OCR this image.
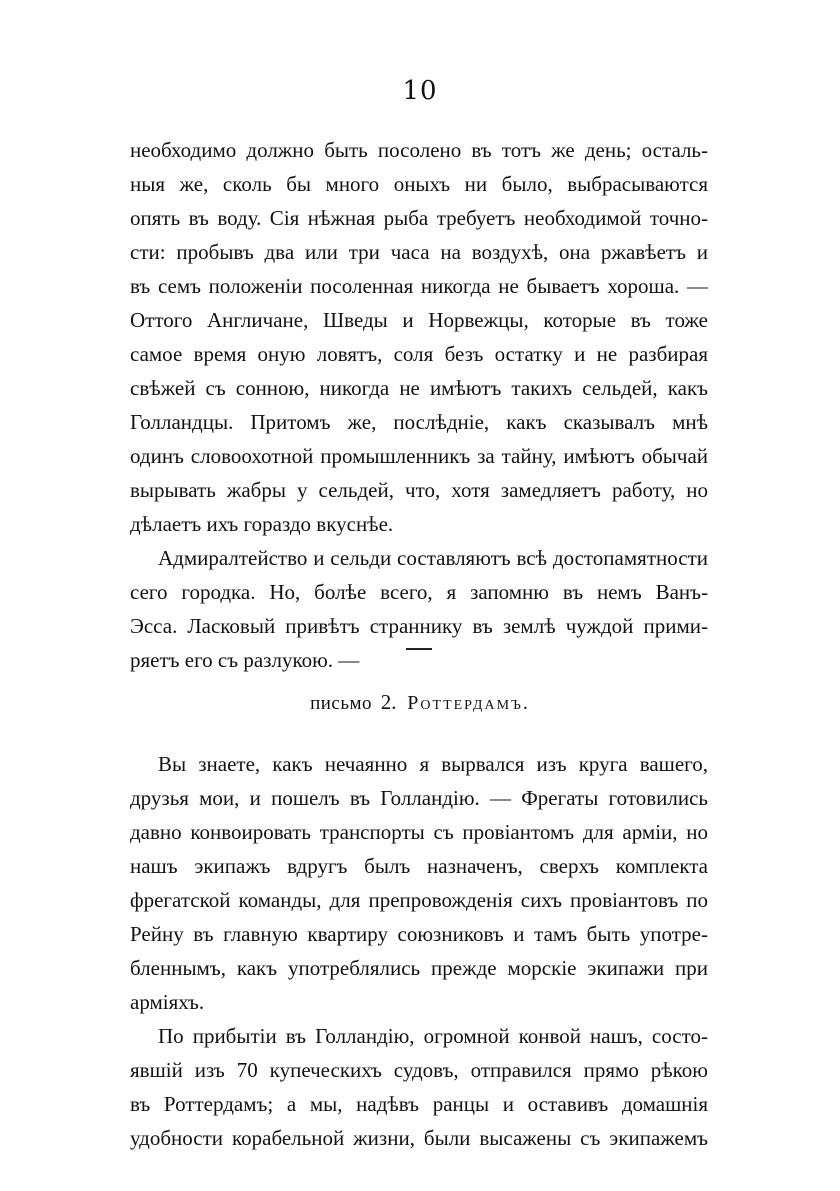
10
необходимо должно быть посолено въ тотъ же день; осталь-
ныя же, сколь бы много оныхъ ни было, выбрасываются
опять въ воду. Сія нѣжная рыба требуетъ необходимой точно-
сти: пробывъ два или три часа на воздухѣ, она ржавѣетъ и
въ семъ положеніи посоленная никогда не бываетъ хороша. —
Оттого Англичане, Шведы и Норвежцы, которые въ тоже
самое время оную ловятъ, соля безъ остатку и не разбирая
свѣжей съ сонною, никогда не имѣютъ такихъ сельдей, какъ
Голландцы. Притомъ же, послѣдніе, какъ сказывалъ мнѣ
одинъ словоохотной промышленникъ за тайну, имѣютъ обычай
вырывать жабры у сельдей, что, хотя замедляетъ работу, но
дѣлаетъ ихъ гораздо вкуснѣе.
Адмиралтейство и сельди составляютъ всѣ достопамятности
сего городка. Но, болѣе всего, я запомню въ немъ Ванъ-
Эсса. Ласковый привѣтъ страннику въ землѣ чуждой прими-
ряетъ его съ разлукою. —
письмо 2. Роттердамъ.
Вы знаете, какъ нечаянно я вырвался изъ круга вашего,
друзья мои, и пошелъ въ Голландію. — Фрегаты готовились
давно конвоировать транспорты съ провіантомъ для арміи, но
нашъ экипажъ вдругъ былъ назначенъ, сверхъ комплекта
фрегатской команды, для препровожденія сихъ провіантовъ по
Рейну въ главную квартиру союзниковъ и тамъ быть употре-
бленнымъ, какъ употреблялись прежде морскіе экипажи при
арміяхъ.
По прибытіи въ Голландію, огромной конвой нашъ, состо-
явшій изъ 70 купеческихъ судовъ, отправился прямо рѣкою
въ Роттердамъ; а мы, надѣвъ ранцы и оставивъ домашнія
удобности корабельной жизни, были высажены съ экипажемъ
